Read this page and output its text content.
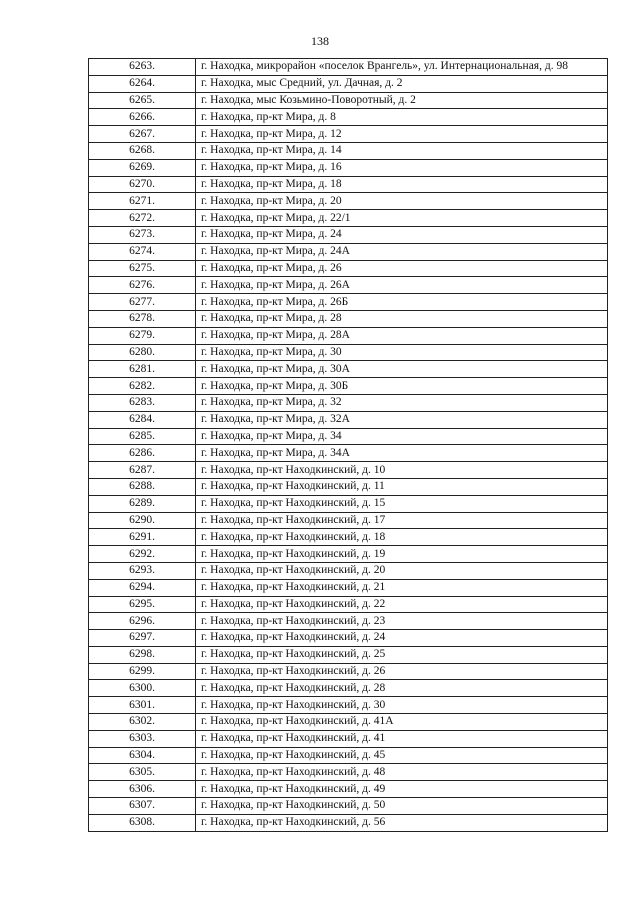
138
6263.	г. Находка, микрорайон «поселок Врангель», ул. Интернациональная, д. 98
6264.	г. Находка, мыс Средний, ул. Дачная, д. 2
6265.	г. Находка, мыс Козьмино-Поворотный, д. 2
6266.	г. Находка, пр-кт Мира, д. 8
6267.	г. Находка, пр-кт Мира, д. 12
6268.	г. Находка, пр-кт Мира, д. 14
6269.	г. Находка, пр-кт Мира, д. 16
6270.	г. Находка, пр-кт Мира, д. 18
6271.	г. Находка, пр-кт Мира, д. 20
6272.	г. Находка, пр-кт Мира, д. 22/1
6273.	г. Находка, пр-кт Мира, д. 24
6274.	г. Находка, пр-кт Мира, д. 24А
6275.	г. Находка, пр-кт Мира, д. 26
6276.	г. Находка, пр-кт Мира, д. 26А
6277.	г. Находка, пр-кт Мира, д. 26Б
6278.	г. Находка, пр-кт Мира, д. 28
6279.	г. Находка, пр-кт Мира, д. 28А
6280.	г. Находка, пр-кт Мира, д. 30
6281.	г. Находка, пр-кт Мира, д. 30А
6282.	г. Находка, пр-кт Мира, д. 30Б
6283.	г. Находка, пр-кт Мира, д. 32
6284.	г. Находка, пр-кт Мира, д. 32А
6285.	г. Находка, пр-кт Мира, д. 34
6286.	г. Находка, пр-кт Мира, д. 34А
6287.	г. Находка, пр-кт Находкинский, д. 10
6288.	г. Находка, пр-кт Находкинский, д. 11
6289.	г. Находка, пр-кт Находкинский, д. 15
6290.	г. Находка, пр-кт Находкинский, д. 17
6291.	г. Находка, пр-кт Находкинский, д. 18
6292.	г. Находка, пр-кт Находкинский, д. 19
6293.	г. Находка, пр-кт Находкинский, д. 20
6294.	г. Находка, пр-кт Находкинский, д. 21
6295.	г. Находка, пр-кт Находкинский, д. 22
6296.	г. Находка, пр-кт Находкинский, д. 23
6297.	г. Находка, пр-кт Находкинский, д. 24
6298.	г. Находка, пр-кт Находкинский, д. 25
6299.	г. Находка, пр-кт Находкинский, д. 26
6300.	г. Находка, пр-кт Находкинский, д. 28
6301.	г. Находка, пр-кт Находкинский, д. 30
6302.	г. Находка, пр-кт Находкинский, д. 41А
6303.	г. Находка, пр-кт Находкинский, д. 41
6304.	г. Находка, пр-кт Находкинский, д. 45
6305.	г. Находка, пр-кт Находкинский, д. 48
6306.	г. Находка, пр-кт Находкинский, д. 49
6307.	г. Находка, пр-кт Находкинский, д. 50
6308.	г. Находка, пр-кт Находкинский, д. 56
